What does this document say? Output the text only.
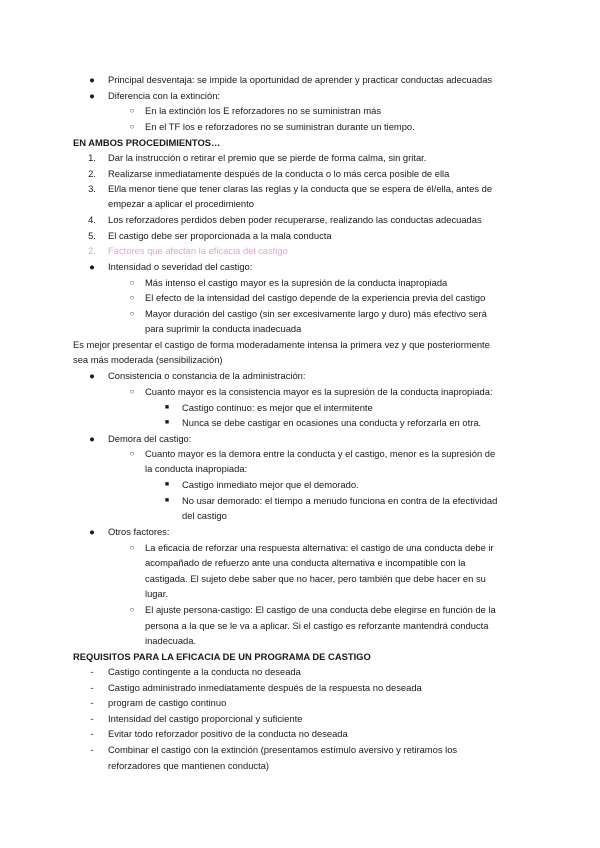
●	Principal desventaja: se impide la oportunidad de aprender y practicar conductas adecuadas
●	Diferencia con la extinción:
○	En la extinción los E reforzadores no se suministran más
○	En el TF los e reforzadores no se suministran durante un tiempo.
EN AMBOS PROCEDIMIENTOS…
1.	Dar la instrucción o retirar el premio que se pierde de forma calma, sin gritar.
2.	Realizarse inmediatamente después de la conducta o lo más cerca posible de ella
3.	El/la menor tiene que tener claras las reglas y la conducta que se espera de él/ella, antes de
empezar a aplicar el procedimiento
4.	Los reforzadores perdidos deben poder recuperarse, realizando las conductas adecuadas
5.	El castigo debe ser proporcionada a la mala conducta
2.	Factores que afectan la eficacia del castigo
●	Intensidad o severidad del castigo:
○	Más intenso el castigo mayor es la supresión de la conducta inapropiada
○	El efecto de la intensidad del castigo depende de la experiencia previa del castigo
○	Mayor duración del castigo (sin ser excesivamente largo y duro) más efectivo será
para suprimir la conducta inadecuada
Es mejor presentar el castigo de forma moderadamente intensa la primera vez y que posteriormente
sea más moderada (sensibilización)
●	Consistencia o constancia de la administración:
○	Cuanto mayor es la consistencia mayor es la supresión de la conducta inapropiada:
■	Castigo continuo: es mejor que el intermitente
■	Nunca se debe castigar en ocasiones una conducta y reforzarla en otra.
●	Demora del castigo:
○	Cuanto mayor es la demora entre la conducta y el castigo, menor es la supresión de
la conducta inapropiada:
■	Castigo inmediato mejor que el demorado.
■	No usar demorado: el tiempo a menudo funciona en contra de la efectividad
del castigo
●	Otros factores:
○	La eficacia de reforzar una respuesta alternativa: el castigo de una conducta debe ir
acompañado de refuerzo ante una conducta alternativa e incompatible con la
castigada. El sujeto debe saber que no hacer, pero también que debe hacer en su
lugar.
○	El ajuste persona-castigo: El castigo de una conducta debe elegirse en función de la
persona a la que se le va a aplicar. Si el castigo es reforzante mantendrá conducta
inadecuada.
REQUISITOS PARA LA EFICACIA DE UN PROGRAMA DE CASTIGO
-	Castigo contingente a la conducta no deseada
-	Castigo administrado inmediatamente después de la respuesta no deseada
-	program de castigo continuo
-	Intensidad del castigo proporcional y suficiente
-	Evitar todo reforzador positivo de la conducta no deseada
-	Combinar el castigo con la extinción (presentamos estímulo aversivo y retiramos los
reforzadores que mantienen conducta)
